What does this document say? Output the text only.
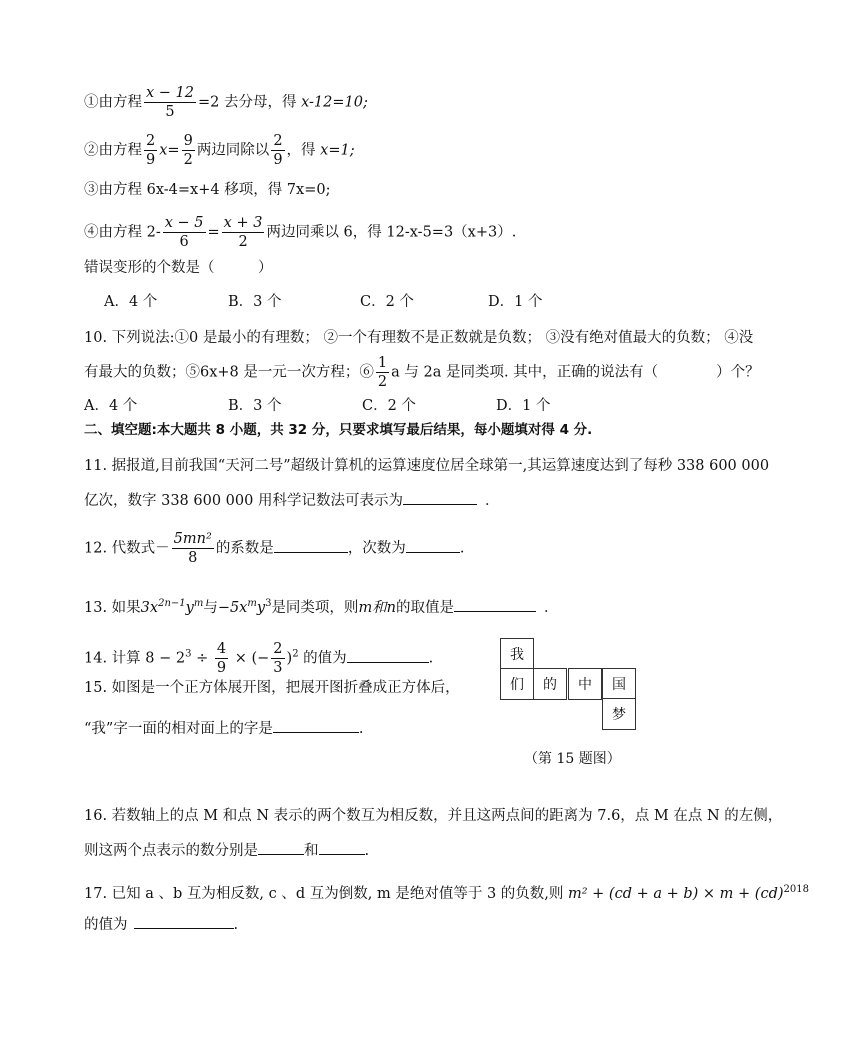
①由方程 $\frac{x - 12}{5} =2$ 去分母，得 x-12=10;
②由方程 $\frac{2}{9} x= \frac{9}{2}$ 两边同除以 $\frac{2}{9}$ ，得 x=1;
③由方程 6x-4=x+4 移项，得 7x=0;
④由方程 $2- \frac{x - 5}{6} = \frac{x + 3}{2}$ 两边同乘以 6，得 12-x-5=3（x+3）.
错误变形的个数是（　　　）
A．4 个	B．3 个	C．2 个	D．1 个
10. 下列说法:①0 是最小的有理数； ②一个有理数不是正数就是负数； ③没有绝对值最大的负数； ④没
有最大的负数；⑤6x+8 是一元一次方程；⑥ $\frac{1}{2}$ a 与 2a 是同类项. 其中，正确的说法有（　　　　）个？
A．4 个	B．3 个	C．2 个	D．1 个
二、填空题:本大题共 8 小题，共 32 分，只要求填写最后结果，每小题填对得 4 分.
11. 据报道,目前我国“天河二号”超级计算机的运算速度位居全球第一,其运算速度达到了每秒 338 600 000
亿次，数字 338 600 000 用科学记数法可表示为	．
12. 代数式－ $\frac{\text{5mn²}}{8}$ 的系数是	，次数为	.
13. 如果$3x^{2n-1}y^m$与$-5x^my^3$是同类项，则m和n的取值是	．
14. 计算 $8 - 2^3 \div \frac{4}{9}$ × (− $\frac{2}{3} )^2$ 的值为	.
15. 如图是一个正方体展开图，把展开图折叠成正方体后，
“我”字一面的相对面上的字是	.
我
们	的	中	国
梦
（第 15 题图）
16. 若数轴上的点 M 和点 N 表示的两个数互为相反数，并且这两点间的距离为 7.6，点 M 在点 N 的左侧，
则这两个点表示的数分别是	和	.
17. 已知 a 、b 互为相反数, c 、d 互为倒数, m 是绝对值等于 3 的负数,则 m² + (cd + a + b) × m + (cd)$^{2018}$
的值为	.
